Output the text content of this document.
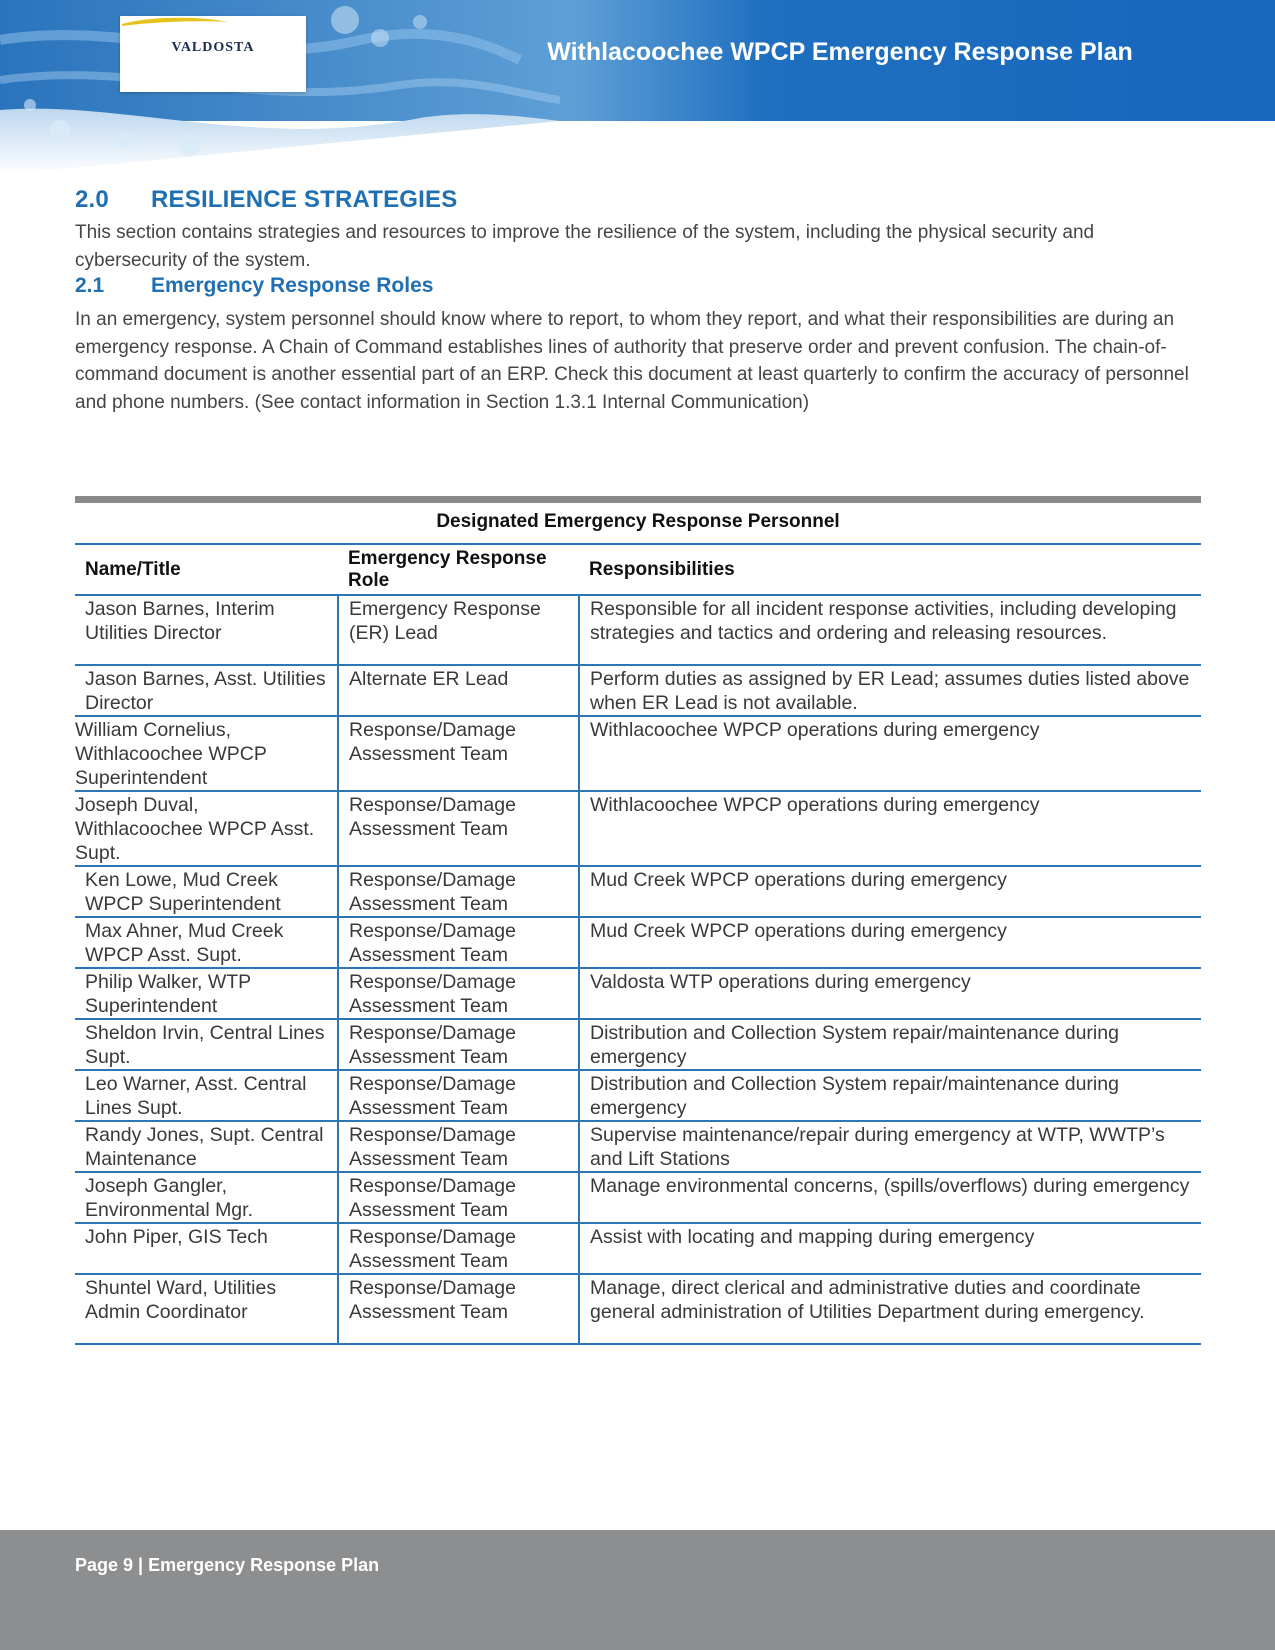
VALDOSTA	Withlacoochee WPCP Emergency Response Plan
2.0	RESILIENCE STRATEGIES

This section contains strategies and resources to improve the resilience of the system, including the physical security and cybersecurity of the system.

2.1	Emergency Response Roles

In an emergency, system personnel should know where to report, to whom they report, and what their responsibilities are during an emergency response. A Chain of Command establishes lines of authority that preserve order and prevent confusion. The chain-of-command document is another essential part of an ERP. Check this document at least quarterly to confirm the accuracy of personnel and phone numbers. (See contact information in Section 1.3.1 Internal Communication)

Designated Emergency Response Personnel
Name/Title	Emergency Response Role	Responsibilities
Jason Barnes, Interim Utilities Director	Emergency Response (ER) Lead	Responsible for all incident response activities, including developing strategies and tactics and ordering and releasing resources.
Jason Barnes, Asst. Utilities Director	Alternate ER Lead	Perform duties as assigned by ER Lead; assumes duties listed above when ER Lead is not available.
William Cornelius, Withlacoochee WPCP Superintendent	Response/Damage Assessment Team	Withlacoochee WPCP operations during emergency
Joseph Duval, Withlacoochee WPCP Asst. Supt.	Response/Damage Assessment Team	Withlacoochee WPCP operations during emergency
Ken Lowe, Mud Creek WPCP Superintendent	Response/Damage Assessment Team	Mud Creek WPCP operations during emergency
Max Ahner, Mud Creek WPCP Asst. Supt.	Response/Damage Assessment Team	Mud Creek WPCP operations during emergency
Philip Walker, WTP Superintendent	Response/Damage Assessment Team	Valdosta WTP operations during emergency
Sheldon Irvin, Central Lines Supt.	Response/Damage Assessment Team	Distribution and Collection System repair/maintenance during emergency
Leo Warner, Asst. Central Lines Supt.	Response/Damage Assessment Team	Distribution and Collection System repair/maintenance during emergency
Randy Jones, Supt. Central Maintenance	Response/Damage Assessment Team	Supervise maintenance/repair during emergency at WTP, WWTP’s and Lift Stations
Joseph Gangler, Environmental Mgr.	Response/Damage Assessment Team	Manage environmental concerns, (spills/overflows) during emergency
John Piper, GIS Tech	Response/Damage Assessment Team	Assist with locating and mapping during emergency
Shuntel Ward, Utilities Admin Coordinator	Response/Damage Assessment Team	Manage, direct clerical and administrative duties and coordinate general administration of Utilities Department during emergency.
Page 9 | Emergency Response Plan
